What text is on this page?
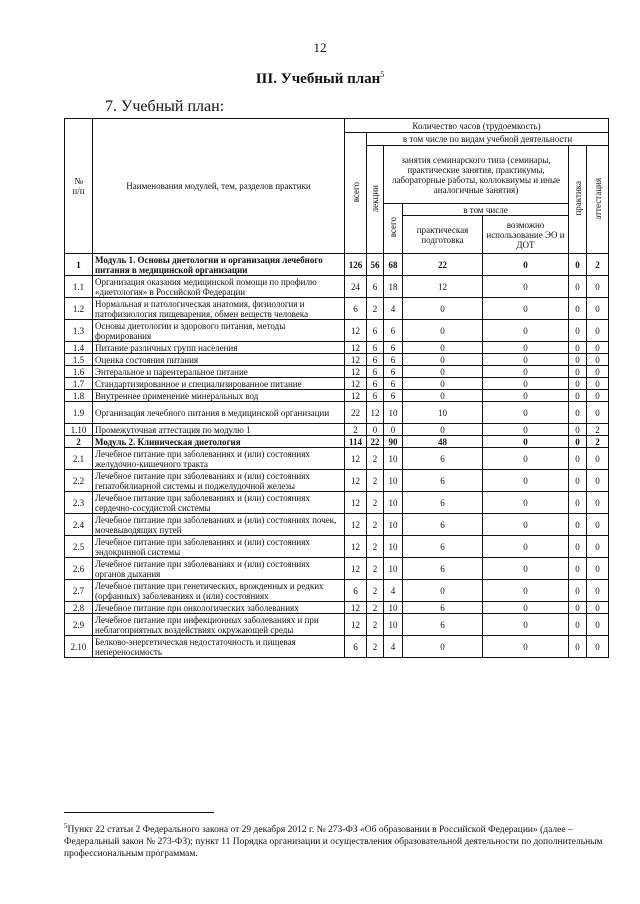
12
III. Учебный план$^5$
7. Учебный план:
№
п/п	Наименования модулей, тем, разделов практики	Количество часов (трудоемкость)						
		всего	в том числе по видам учебной деятельности					
			лекции	занятия семинарского типа (семинары, практические занятия, практикумы, лабораторные работы, коллоквиумы и иные аналогичные занятия)			практика	аттестация
				всего	в том числе			
					практическая подготовка	возможно использование ЭО и ДОТ		
1	Модуль 1. Основы диетологии и организация лечебного питания в медицинской организации	126	56	68	22	0	0	2
1.1	Организация оказания медицинской помощи по профилю «диетология» в Российской Федерации	24	6	18	12	0	0	0
1.2	Нормальная и патологическая анатомия, физиология и патофизиология пищеварения, обмен веществ человека	6	2	4	0	0	0	0
1.3	Основы диетологии и здорового питания, методы формирования	12	6	6	0	0	0	0
1.4	Питание различных групп населения	12	6	6	0	0	0	0
1.5	Оценка состояния питания	12	6	6	0	0	0	0
1.6	Энтеральное и парентеральное питание	12	6	6	0	0	0	0
1.7	Стандартизированное и специализированное питание	12	6	6	0	0	0	0
1.8	Внутреннее применение минеральных вод	12	6	6	0	0	0	0
1.9	Организация лечебного питания в медицинской организации	22	12	10	10	0	0	0
1.10	Промежуточная аттестация по модулю 1	2	0	0	0	0	0	2
2	Модуль 2. Клиническая диетология	114	22	90	48	0	0	2
2.1	Лечебное питание при заболеваниях и (или) состояниях желудочно-кишечного тракта	12	2	10	6	0	0	0
2.2	Лечебное питание при заболеваниях и (или) состояниях гепатобилиарной системы и поджелудочной железы	12	2	10	6	0	0	0
2.3	Лечебное питание при заболеваниях и (или) состояниях сердечно-сосудистой системы	12	2	10	6	0	0	0
2.4	Лечебное питание при заболеваниях и (или) состояниях почек, мочевыводящих путей	12	2	10	6	0	0	0
2.5	Лечебное питание при заболеваниях и (или) состояниях эндокринной системы	12	2	10	6	0	0	0
2.6	Лечебное питание при заболеваниях и (или) состояниях органов дыхания	12	2	10	6	0	0	0
2.7	Лечебное питание при генетических, врожденных и редких (орфанных) заболеваниях и (или) состояниях	6	2	4	0	0	0	0
2.8	Лечебное питание при онкологических заболеваниях	12	2	10	6	0	0	0
2.9	Лечебное питание при инфекционных заболеваниях и при неблагоприятных воздействиях окружающей среды	12	2	10	6	0	0	0
2.10	Белково-энергетическая недостаточность и пищевая непереносимость	6	2	4	0	0	0	0
$^5$Пункт 22 статьи 2 Федерального закона от 29 декабря 2012 г. № 273-ФЗ «Об образовании в Российской Федерации» (далее – Федеральный закон № 273-ФЗ); пункт 11 Порядка организации и осуществления образовательной деятельности по дополнительным профессиональным программам.
